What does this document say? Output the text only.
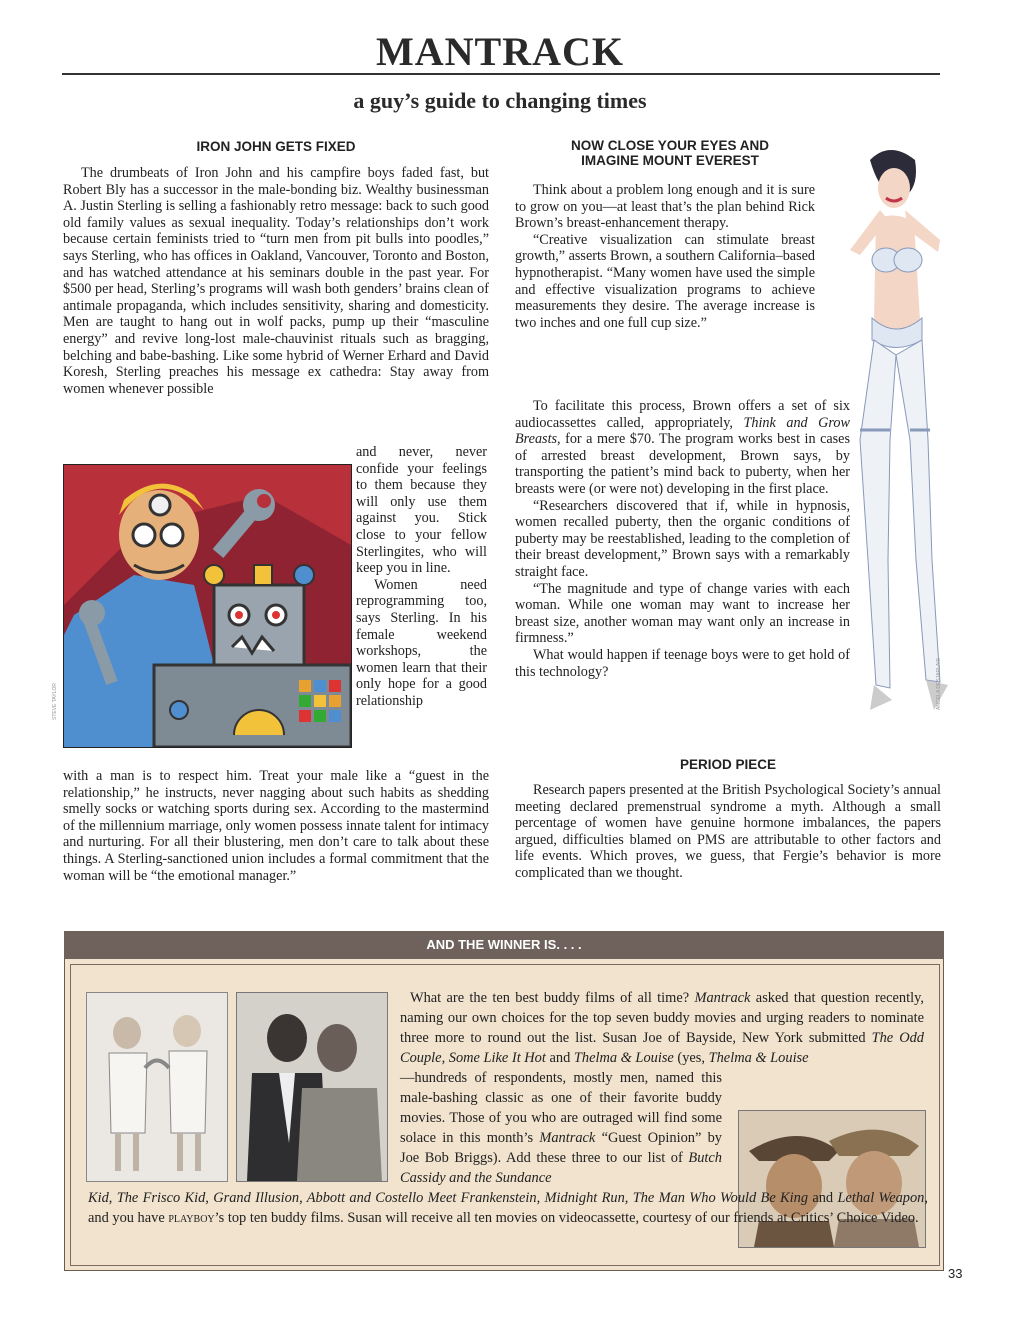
MANTRACK
a guy’s guide to changing times
IRON JOHN GETS FIXED

The drumbeats of Iron John and his campfire boys faded fast, but Robert Bly has a successor in the male-bonding biz. Wealthy businessman A. Justin Sterling is selling a fashionably retro message: back to such good old family values as sexual inequality. Today’s relationships don’t work because certain feminists tried to “turn men from pit bulls into poodles,” says Sterling, who has offices in Oakland, Vancouver, Toronto and Boston, and has watched attendance at his seminars double in the past year. For $500 per head, Sterling’s programs will wash both genders’ brains clean of antimale propaganda, which includes sensitivity, sharing and domesticity. Men are taught to hang out in wolf packs, pump up their “masculine energy” and revive long-lost male-chauvinist rituals such as bragging, belching and babe-bashing. Like some hybrid of Werner Erhard and David Koresh, Sterling preaches his message ex cathedra: Stay away from women whenever possible

STEVE TAYLOR

and never, never confide your feelings to them because they will only use them against you. Stick close to your fellow Sterlingites, who will keep you in line.

Women need reprogramming too, says Sterling. In his female weekend workshops, the women learn that their only hope for a good relationship

with a man is to respect him. Treat your male like a “guest in the relationship,” he instructs, never nagging about such habits as shedding smelly socks or watching sports during sex. According to the mastermind of the millennium marriage, only women possess innate talent for intimacy and nurturing. For all their blustering, men don’t care to talk about these things. A Sterling-sanctioned union includes a formal commitment that the woman will be “the emotional manager.”

NOW CLOSE YOUR EYES AND
IMAGINE MOUNT EVEREST

Think about a problem long enough and it is sure to grow on you—at least that’s the plan behind Rick Brown’s breast-enhancement therapy.

“Creative visualization can stimulate breast growth,” asserts Brown, a southern California–based hypnotherapist. “Many women have used the simple and effective visualization programs to achieve measurements they desire. The average increase is two inches and one full cup size.”

To facilitate this process, Brown offers a set of six audiocassettes called, appropriately, Think and Grow Breasts, for a mere $70. The program works best in cases of arrested breast development, Brown says, by transporting the patient’s mind back to puberty, when her breasts were (or were not) developing in the first place.

“Researchers discovered that if, while in hypnosis, women recalled puberty, then the organic conditions of puberty may be reestablished, leading to the completion of their breast development,” Brown says with a remarkably straight face.

“The magnitude and type of change varies with each woman. While one woman may want to increase her breast size, another woman may want only an increase in firmness.”

What would happen if teenage boys were to get hold of this technology?	ANGELA DESJARLAIS
PERIOD PIECE

Research papers presented at the British Psychological Society’s annual meeting declared premenstrual syndrome a myth. Although a small percentage of women have genuine hormone imbalances, the papers argued, difficulties blamed on PMS are attributable to other factors and life events. Which proves, we guess, that Fergie’s behavior is more complicated than we thought.

AND THE WINNER IS. . . .
What are the ten best buddy films of all time? Mantrack asked that question recently, naming our own choices for the top seven buddy movies and urging readers to nominate three more to round out the list. Susan Joe of Bayside, New York submitted The Odd Couple, Some Like It Hot and Thelma & Louise (yes, Thelma & Louise
—hundreds of respondents, mostly men, named this male-bashing classic as one of their favorite buddy movies. Those of you who are outraged will find some solace in this month’s Mantrack “Guest Opinion” by Joe Bob Briggs). Add these three to our list of Butch Cassidy and the Sundance
Kid, The Frisco Kid, Grand Illusion, Abbott and Costello Meet Frankenstein, Midnight Run, The Man Who Would Be King and Lethal Weapon, and you have playboy’s top ten buddy films. Susan will receive all ten movies on videocassette, courtesy of our friends at Critics’ Choice Video.
33
